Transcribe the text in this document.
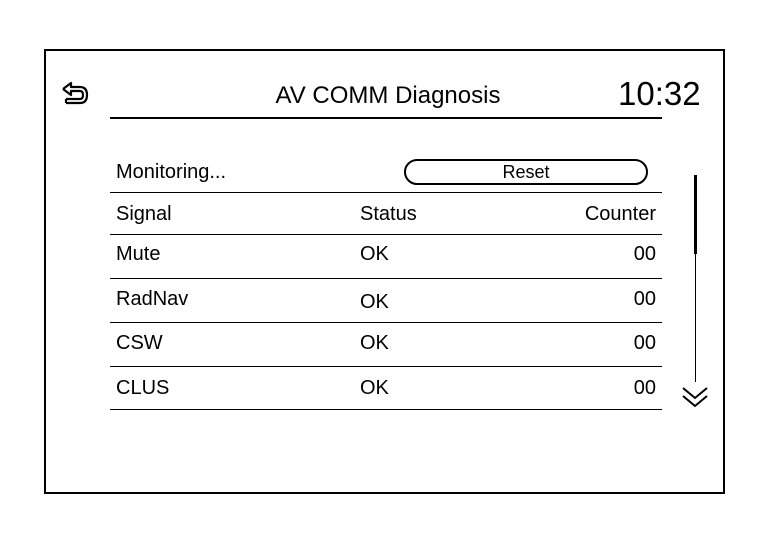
AV COMM Diagnosis	10:32
Monitoring...	Reset
Signal	Status	Counter
Mute	OK	00
RadNav	OK	00
CSW	OK	00
CLUS	OK	00
